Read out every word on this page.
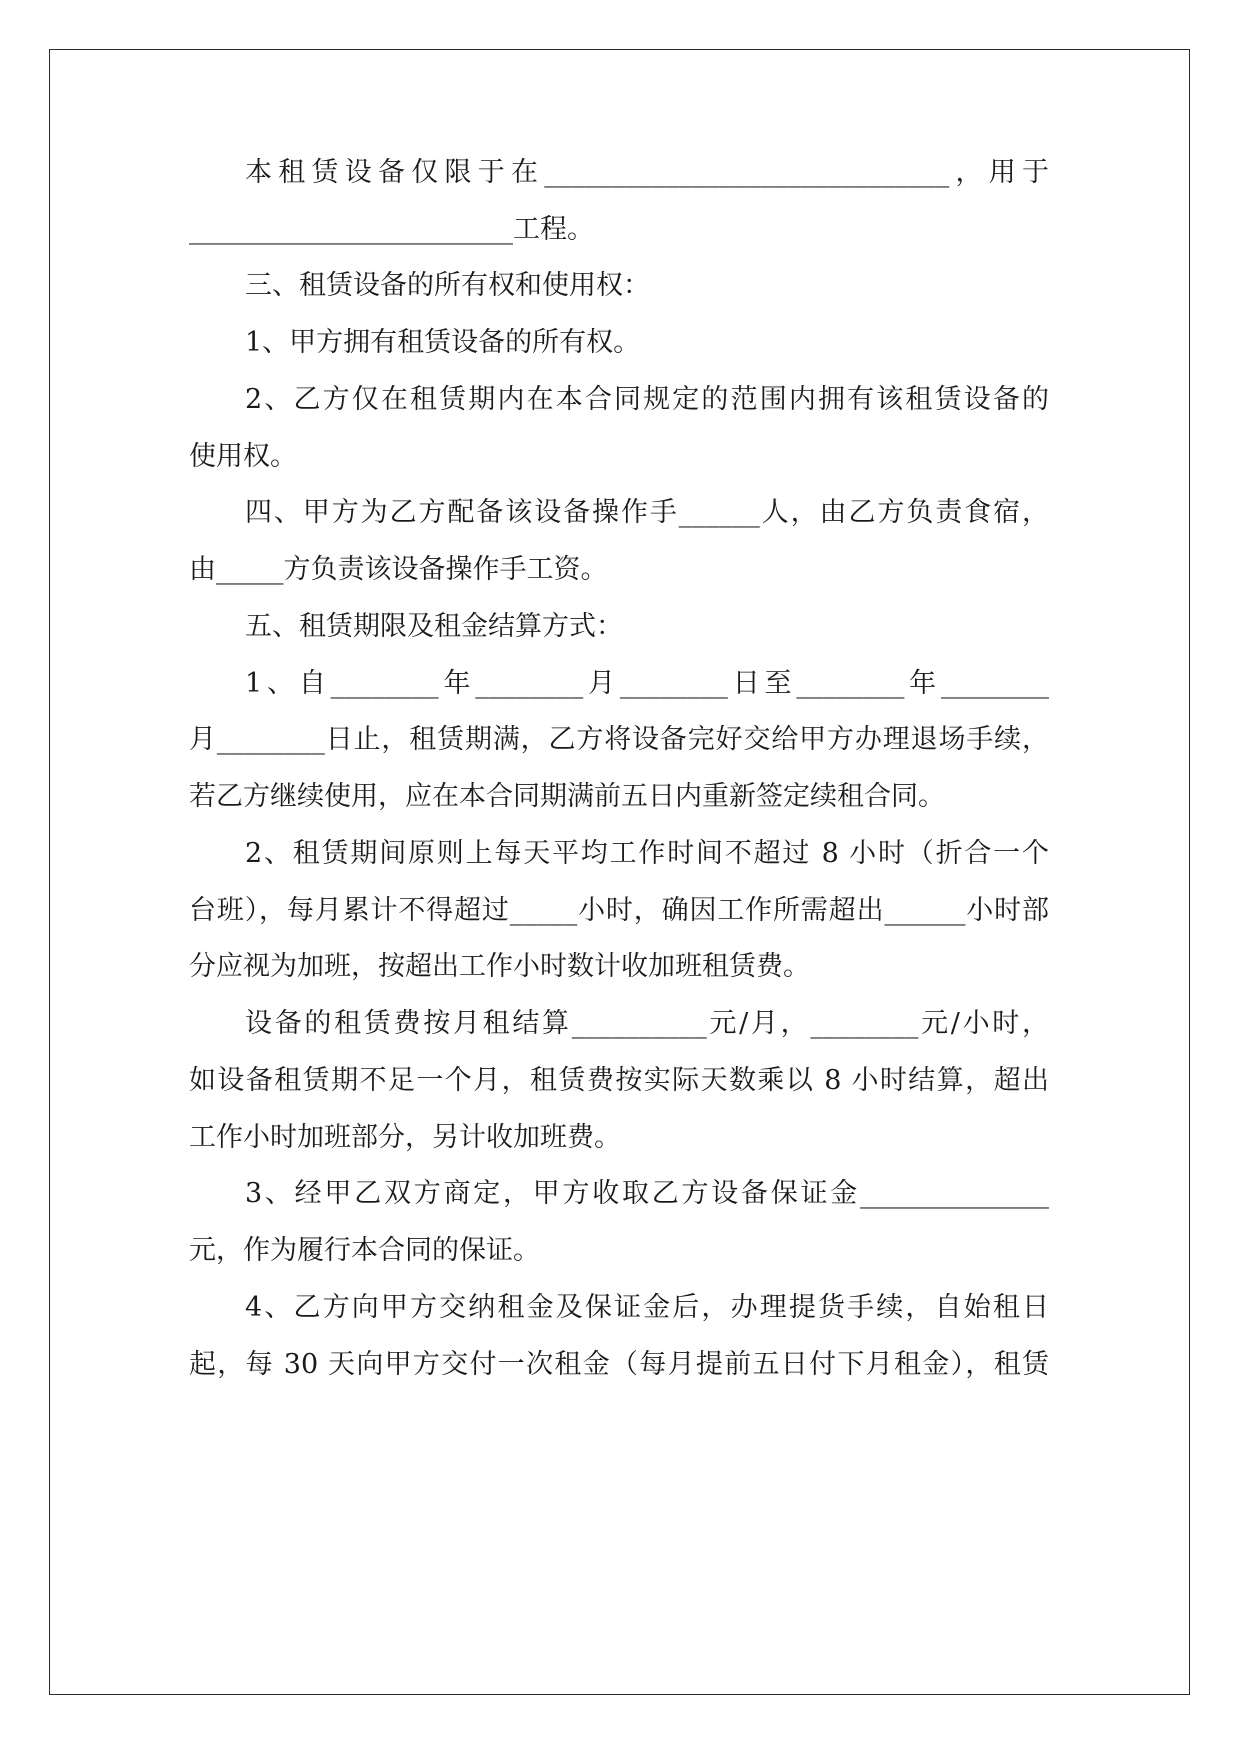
本租赁设备仅限于在______________________________，用于
________________________工程。
三、租赁设备的所有权和使用权：
1、甲方拥有租赁设备的所有权。
2、乙方仅在租赁期内在本合同规定的范围内拥有该租赁设备的
使用权。
四、甲方为乙方配备该设备操作手______人，由乙方负责食宿，
由_____方负责该设备操作手工资。
五、租赁期限及租金结算方式：
1、自________年________月________日至________年________
月________日止，租赁期满，乙方将设备完好交给甲方办理退场手续，
若乙方继续使用，应在本合同期满前五日内重新签定续租合同。
2、租赁期间原则上每天平均工作时间不超过 8 小时（折合一个
台班），每月累计不得超过_____小时，确因工作所需超出______小时部
分应视为加班，按超出工作小时数计收加班租赁费。
设备的租赁费按月租结算__________元/月，________元/小时，
如设备租赁期不足一个月，租赁费按实际天数乘以 8 小时结算，超出
工作小时加班部分，另计收加班费。
3、经甲乙双方商定，甲方收取乙方设备保证金______________
元，作为履行本合同的保证。
4、乙方向甲方交纳租金及保证金后，办理提货手续，自始租日
起，每 30 天向甲方交付一次租金（每月提前五日付下月租金），租赁
